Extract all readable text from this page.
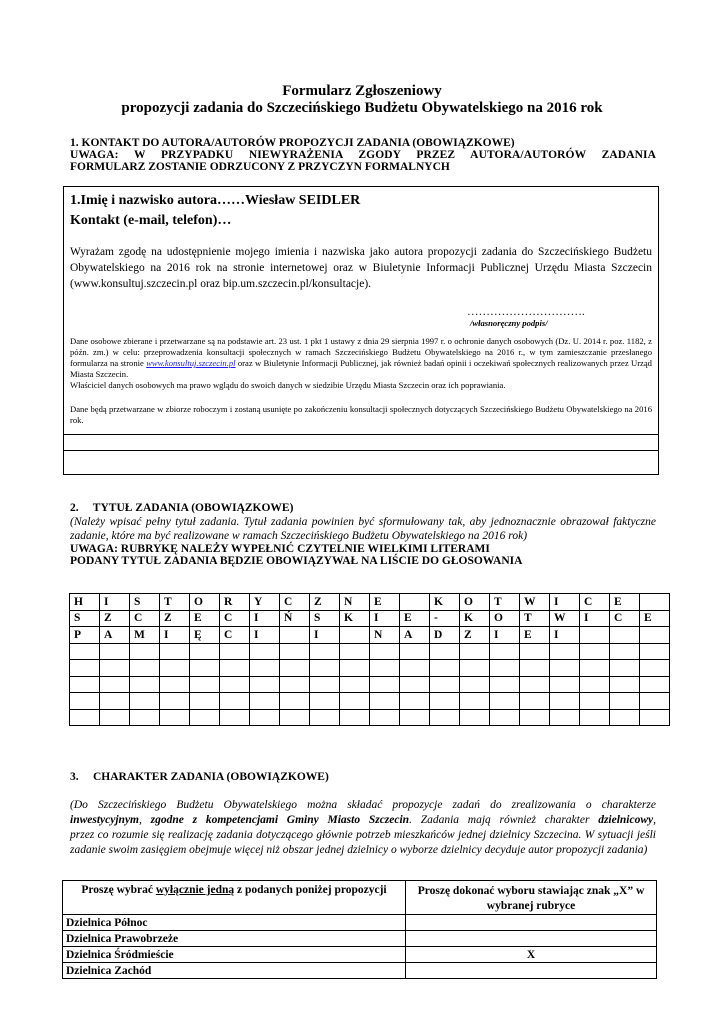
Formularz Zgłoszeniowy
propozycji zadania do Szczecińskiego Budżetu Obywatelskiego na 2016 rok
1. KONTAKT DO AUTORA/AUTORÓW PROPOZYCJI ZADANIA (OBOWIĄZKOWE)
UWAGA: W PRZYPADKU NIEWYRAŻENIA ZGODY PRZEZ AUTORA/AUTORÓW ZADANIA
FORMULARZ ZOSTANIE ODRZUCONY Z PRZYCZYN FORMALNYCH
1.Imię i nazwisko autora……Wiesław SEIDLER
Kontakt (e-mail, telefon)…
Wyrażam zgodę na udostępnienie mojego imienia i nazwiska jako autora propozycji zadania do Szczecińskiego Budżetu Obywatelskiego na 2016 rok na stronie internetowej oraz w Biuletynie Informacji Publicznej Urzędu Miasta Szczecin (www.konsultuj.szczecin.pl oraz bip.um.szczecin.pl/konsultacje).
………………………….
/własnoręczny podpis/
Dane osobowe zbierane i przetwarzane są na podstawie art. 23 ust. 1 pkt 1 ustawy z dnia 29 sierpnia 1997 r. o ochronie danych osobowych (Dz. U. 2014 r. poz. 1182, z późn. zm.) w celu: przeprowadzenia konsultacji społecznych w ramach Szczecińskiego Budżetu Obywatelskiego na 2016 r., w tym zamieszczanie przesłanego formularza na stronie www.konsultuj.szczecin.pl oraz w Biuletynie Informacji Publicznej, jak również badań opinii i oczekiwań społecznych realizowanych przez Urząd Miasta Szczecin.
Właściciel danych osobowych ma prawo wglądu do swoich danych w siedzibie Urzędu Miasta Szczecin oraz ich poprawiania.
Dane będą przetwarzane w zbiorze roboczym i zostaną usunięte po zakończeniu konsultacji społecznych dotyczących Szczecińskiego Budżetu Obywatelskiego na 2016 rok.
2.     TYTUŁ ZADANIA (OBOWIĄZKOWE)
(Należy wpisać pełny tytuł zadania. Tytuł zadania powinien być sformułowany tak, aby jednoznacznie obrazował faktyczne zadanie, które ma być realizowane w ramach Szczecińskiego Budżetu Obywatelskiego na 2016 rok)
UWAGA: RUBRYKĘ NALEŻY WYPEŁNIĆ CZYTELNIE WIELKIMI LITERAMI
PODANY TYTUŁ ZADANIA BĘDZIE OBOWIĄZYWAŁ NA LIŚCIE DO GŁOSOWANIA
H	I	S	T	O	R	Y	C	Z	N	E		K	O	T	W	I	C	E	
S	Z	C	Z	E	C	I	Ń	S	K	I	E	-	K	O	T	W	I	C	E
P	A	M	I	Ę	C	I		I		N	A	D	Z	I	E	I			

3.     CHARAKTER ZADANIA (OBOWIĄZKOWE)
(Do Szczecińskiego Budżetu Obywatelskiego można składać propozycje zadań do zrealizowania o charakterze
inwestycyjnym, zgodne z kompetencjami Gminy Miasto Szczecin. Zadania mają również charakter dzielnicowy,
przez co rozumie się realizację zadania dotyczącego głównie potrzeb mieszkańców jednej dzielnicy Szczecina. W sytuacji jeśli zadanie swoim zasięgiem obejmuje więcej niż obszar jednej dzielnicy o wyborze dzielnicy decyduje autor propozycji zadania)
Proszę wybrać wyłącznie jedną z podanych poniżej propozycji	Proszę dokonać wyboru stawiając znak „X” w wybranej rubryce
Dzielnica Północ	
Dzielnica Prawobrzeże	
Dzielnica Śródmieście	X
Dzielnica Zachód	
